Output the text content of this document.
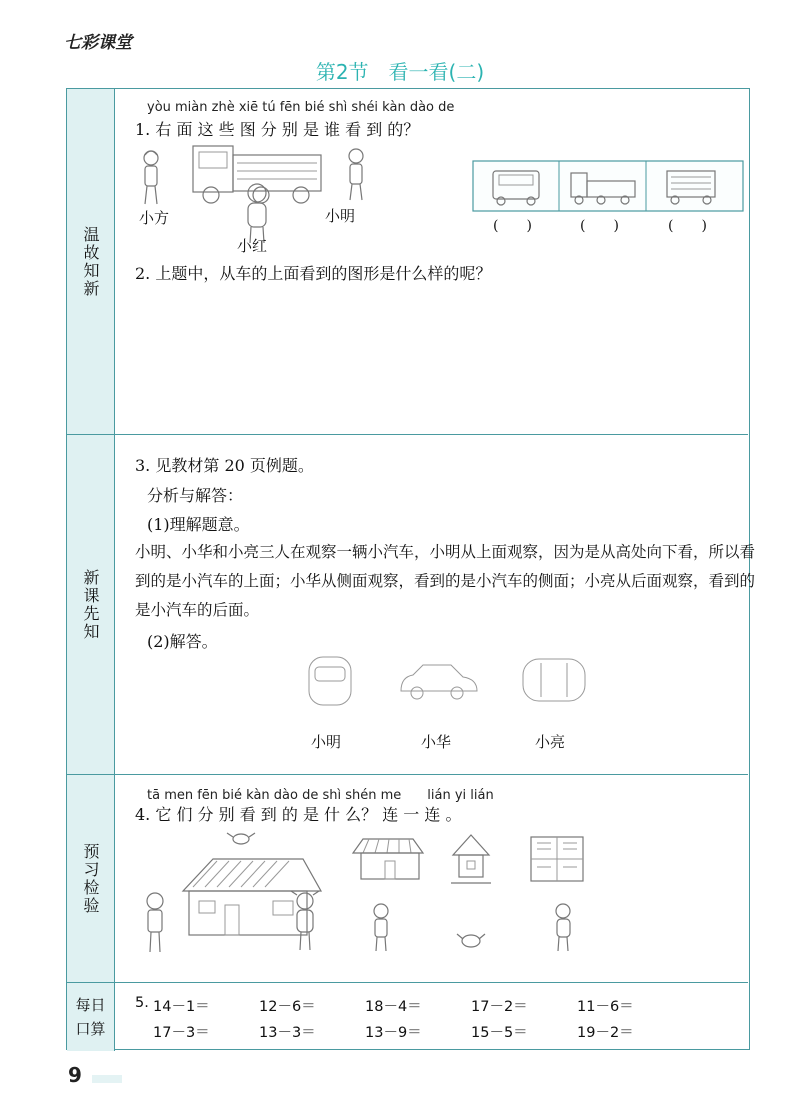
七彩课堂
第2节　看一看(二)
温故知新
yòu miàn zhè xiē tú fēn bié shì shéi kàn dào de
1. 右 面 这 些 图 分 别 是 谁 看 到 的？
小方
小红
小明
(　　)	(　　)	(　　)
2. 上题中，从车的上面看到的图形是什么样的呢？
新课先知
3. 见教材第 20 页例题。
分析与解答：
(1)理解题意。
小明、小华和小亮三人在观察一辆小汽车，小明从上面观察，因为是从高处向下看，所以看到的是小汽车的上面；小华从侧面观察，看到的是小汽车的侧面；小亮从后面观察，看到的是小汽车的后面。
(2)解答。
小明	小华	小亮
预习检验
tā men fēn bié kàn dào de shì shén me　　lián yi lián
4. 它 们 分 别 看 到 的 是 什 么？ 连 一 连 。
每日
口算
5. 14－1＝	12－6＝	18－4＝	17－2＝	11－6＝
17－3＝	13－3＝	13－9＝	15－5＝	19－2＝
9
